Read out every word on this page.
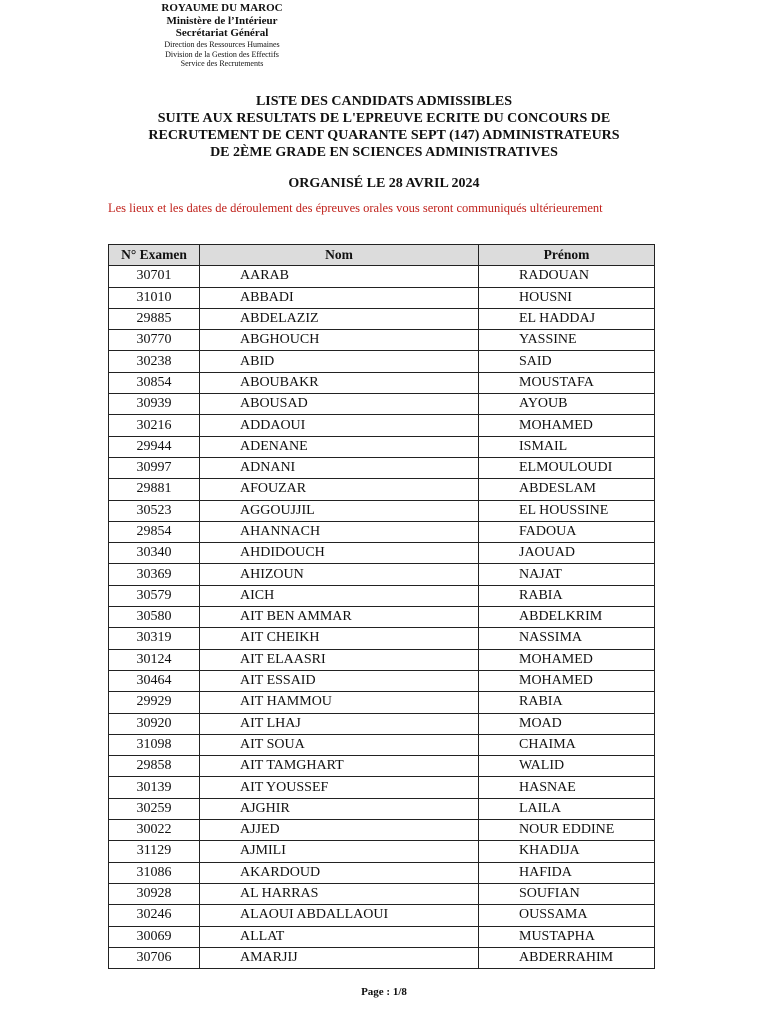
ROYAUME DU MAROC
Ministère de l’Intérieur
Secrétariat Général
Direction des Ressources Humaines
Division de la Gestion des Effectifs
Service des Recrutements
LISTE DES CANDIDATS ADMISSIBLES
SUITE AUX RESULTATS DE L'EPREUVE ECRITE DU CONCOURS DE
RECRUTEMENT DE CENT QUARANTE SEPT (147) ADMINISTRATEURS
DE 2ÈME GRADE EN SCIENCES ADMINISTRATIVES
ORGANISÉ LE 28 AVRIL 2024
Les lieux et les dates de déroulement des épreuves orales vous seront communiqués ultérieurement
N° Examen	Nom	Prénom
30701	AARAB	RADOUAN
31010	ABBADI	HOUSNI
29885	ABDELAZIZ	EL HADDAJ
30770	ABGHOUCH	YASSINE
30238	ABID	SAID
30854	ABOUBAKR	MOUSTAFA
30939	ABOUSAD	AYOUB
30216	ADDAOUI	MOHAMED
29944	ADENANE	ISMAIL
30997	ADNANI	ELMOULOUDI
29881	AFOUZAR	ABDESLAM
30523	AGGOUJJIL	EL HOUSSINE
29854	AHANNACH	FADOUA
30340	AHDIDOUCH	JAOUAD
30369	AHIZOUN	NAJAT
30579	AICH	RABIA
30580	AIT BEN AMMAR	ABDELKRIM
30319	AIT CHEIKH	NASSIMA
30124	AIT ELAASRI	MOHAMED
30464	AIT ESSAID	MOHAMED
29929	AIT HAMMOU	RABIA
30920	AIT LHAJ	MOAD
31098	AIT SOUA	CHAIMA
29858	AIT TAMGHART	WALID
30139	AIT YOUSSEF	HASNAE
30259	AJGHIR	LAILA
30022	AJJED	NOUR EDDINE
31129	AJMILI	KHADIJA
31086	AKARDOUD	HAFIDA
30928	AL HARRAS	SOUFIAN
30246	ALAOUI ABDALLAOUI	OUSSAMA
30069	ALLAT	MUSTAPHA
30706	AMARJIJ	ABDERRAHIM
Page : 1/8
